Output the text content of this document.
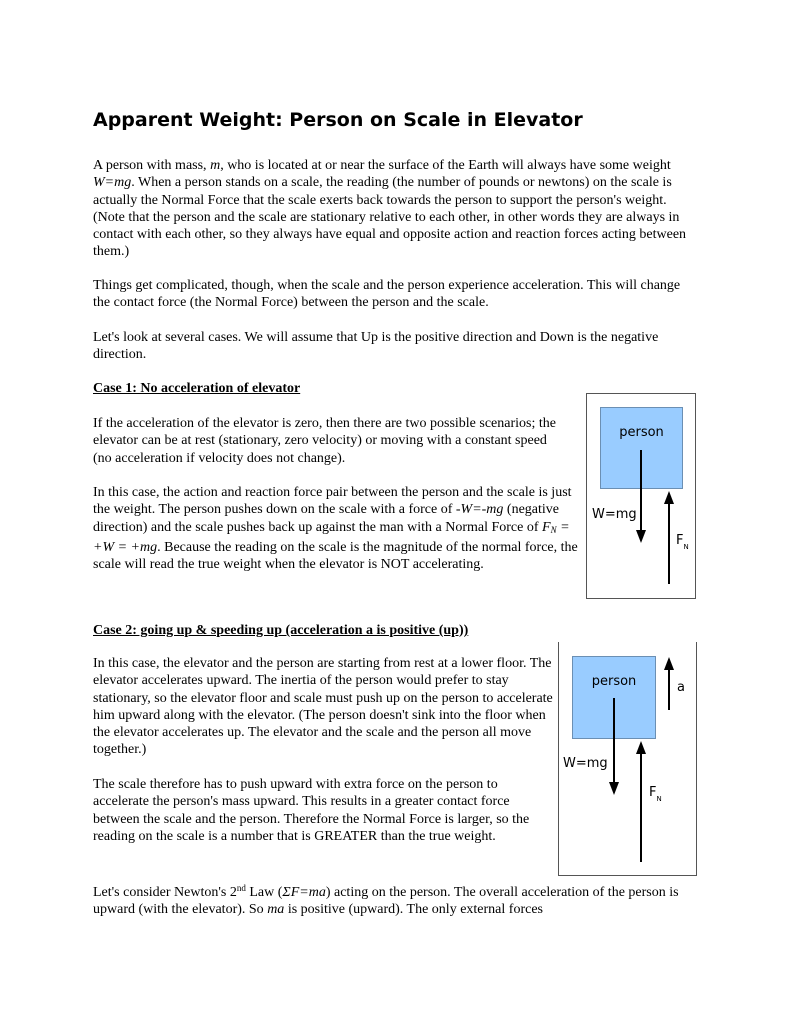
Apparent Weight: Person on Scale in Elevator

A person with mass, m, who is located at or near the surface of the Earth will always have some weight W=mg. When a person stands on a scale, the reading (the number of pounds or newtons) on the scale is actually the Normal Force that the scale exerts back towards the person to support the person's weight. (Note that the person and the scale are stationary relative to each other, in other words they are always in contact with each other, so they always have equal and opposite action and reaction forces acting between them.)

Things get complicated, though, when the scale and the person experience acceleration. This will change the contact force (the Normal Force) between the person and the scale.

Let's look at several cases. We will assume that Up is the positive direction and Down is the negative direction.

Case 1: No acceleration of elevator

If the acceleration of the elevator is zero, then there are two possible scenarios; the elevator can be at rest (stationary, zero velocity) or moving with a constant speed (no acceleration if velocity does not change).

In this case, the action and reaction force pair between the person and the scale is just the weight. The person pushes down on the scale with a force of -W=-mg (negative direction) and the scale pushes back up against the man with a Normal Force of $F_N = +W = +mg$. Because the reading on the scale is the magnitude of the normal force, the scale will read the true weight when the elevator is NOT accelerating.

person
W=mg
$F_N$
Case 2: going up & speeding up (acceleration a is positive (up))

In this case, the elevator and the person are starting from rest at a lower floor. The elevator accelerates upward. The inertia of the person would prefer to stay stationary, so the elevator floor and scale must push up on the person to accelerate him upward along with the elevator. (The person doesn't sink into the floor when the elevator accelerates up. The elevator and the scale and the person all move together.)

The scale therefore has to push upward with extra force on the person to accelerate the person's mass upward. This results in a greater contact force between the scale and the person. Therefore the Normal Force is larger, so the reading on the scale is a number that is GREATER than the true weight.

person	a
W=mg
$F_N$

Let's consider Newton's 2nd Law (ΣF=ma) acting on the person. The overall acceleration of the person is upward (with the elevator). So ma is positive (upward). The only external forces
